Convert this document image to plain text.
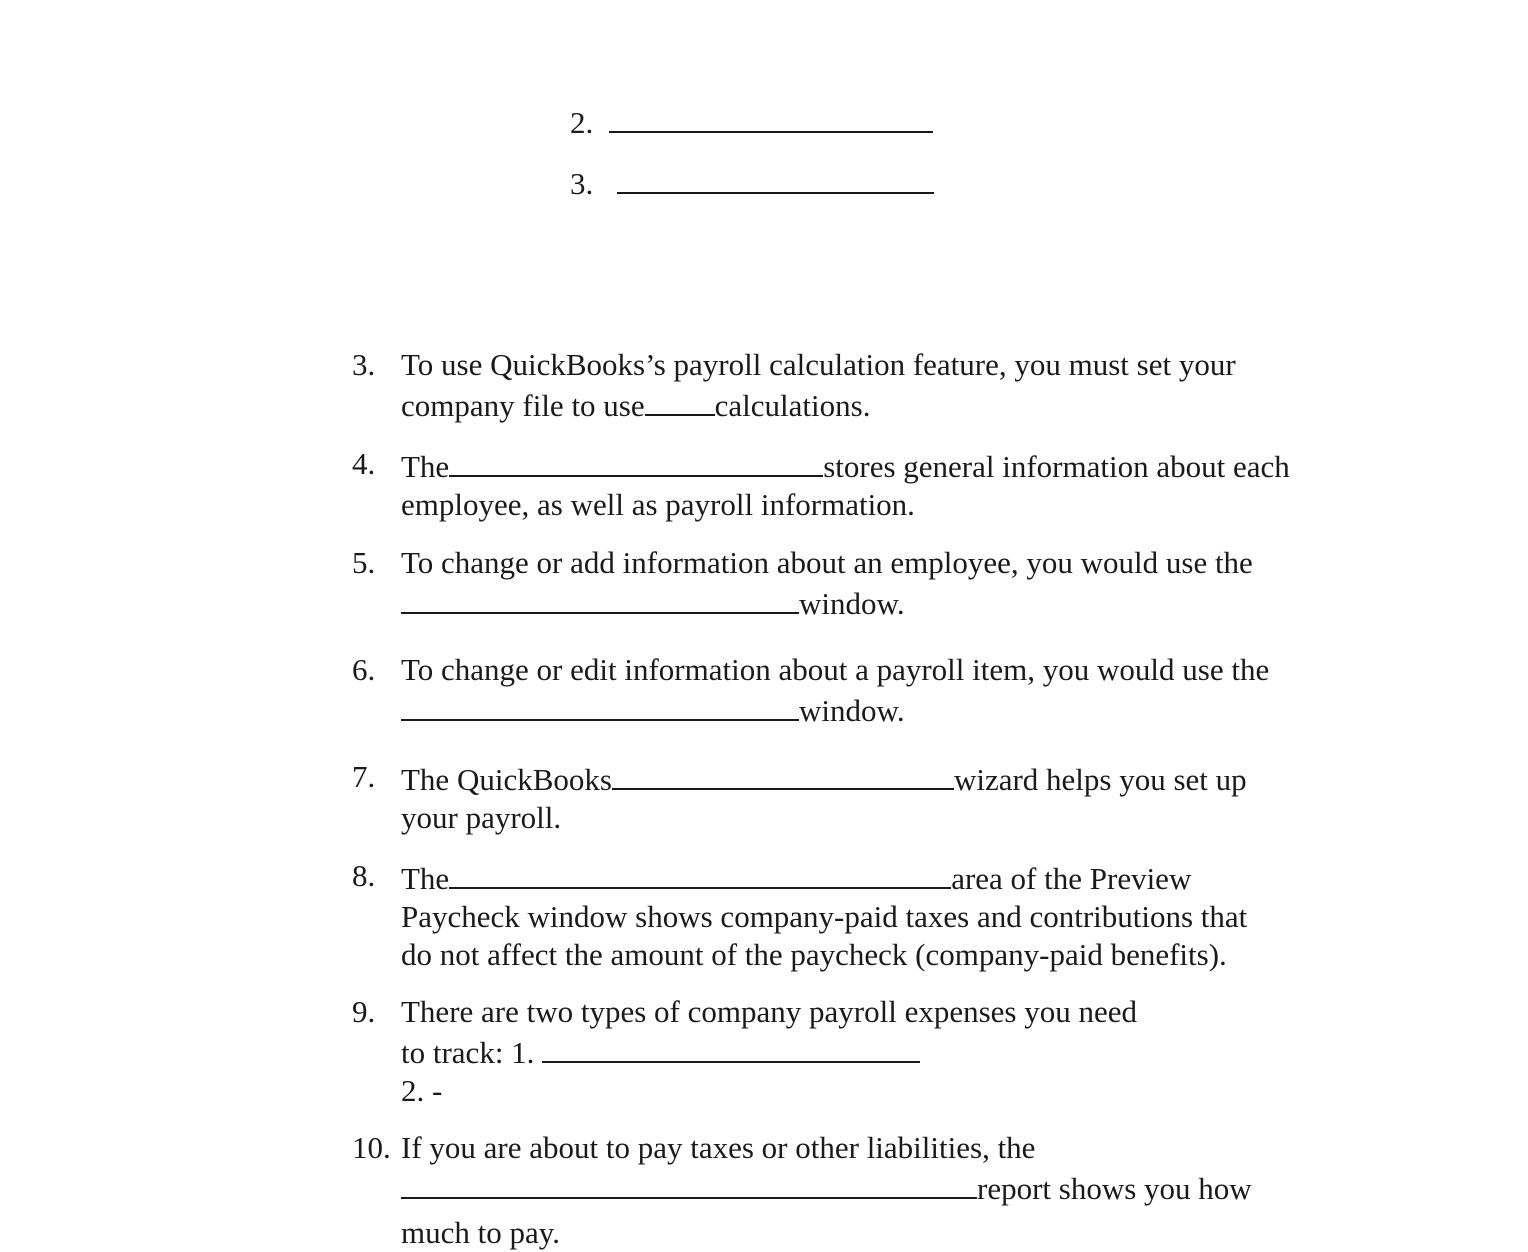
2.
3.
3. To use QuickBooks’s payroll calculation feature, you must set your
company file to use calculations.
4. The	stores general information about each
employee, as well as payroll information.
5. To change or add information about an employee, you would use the
window.
6. To change or edit information about a payroll item, you would use the
window.
7. The QuickBooks	wizard helps you set up
your payroll.
8. The	area of the Preview
Paycheck window shows company-paid taxes and contributions that
do not affect the amount of the paycheck (company-paid benefits).
9. There are two types of company payroll expenses you need
to track: 1.
2. -
10. If you are about to pay taxes or other liabilities, the
report shows you how
much to pay.
